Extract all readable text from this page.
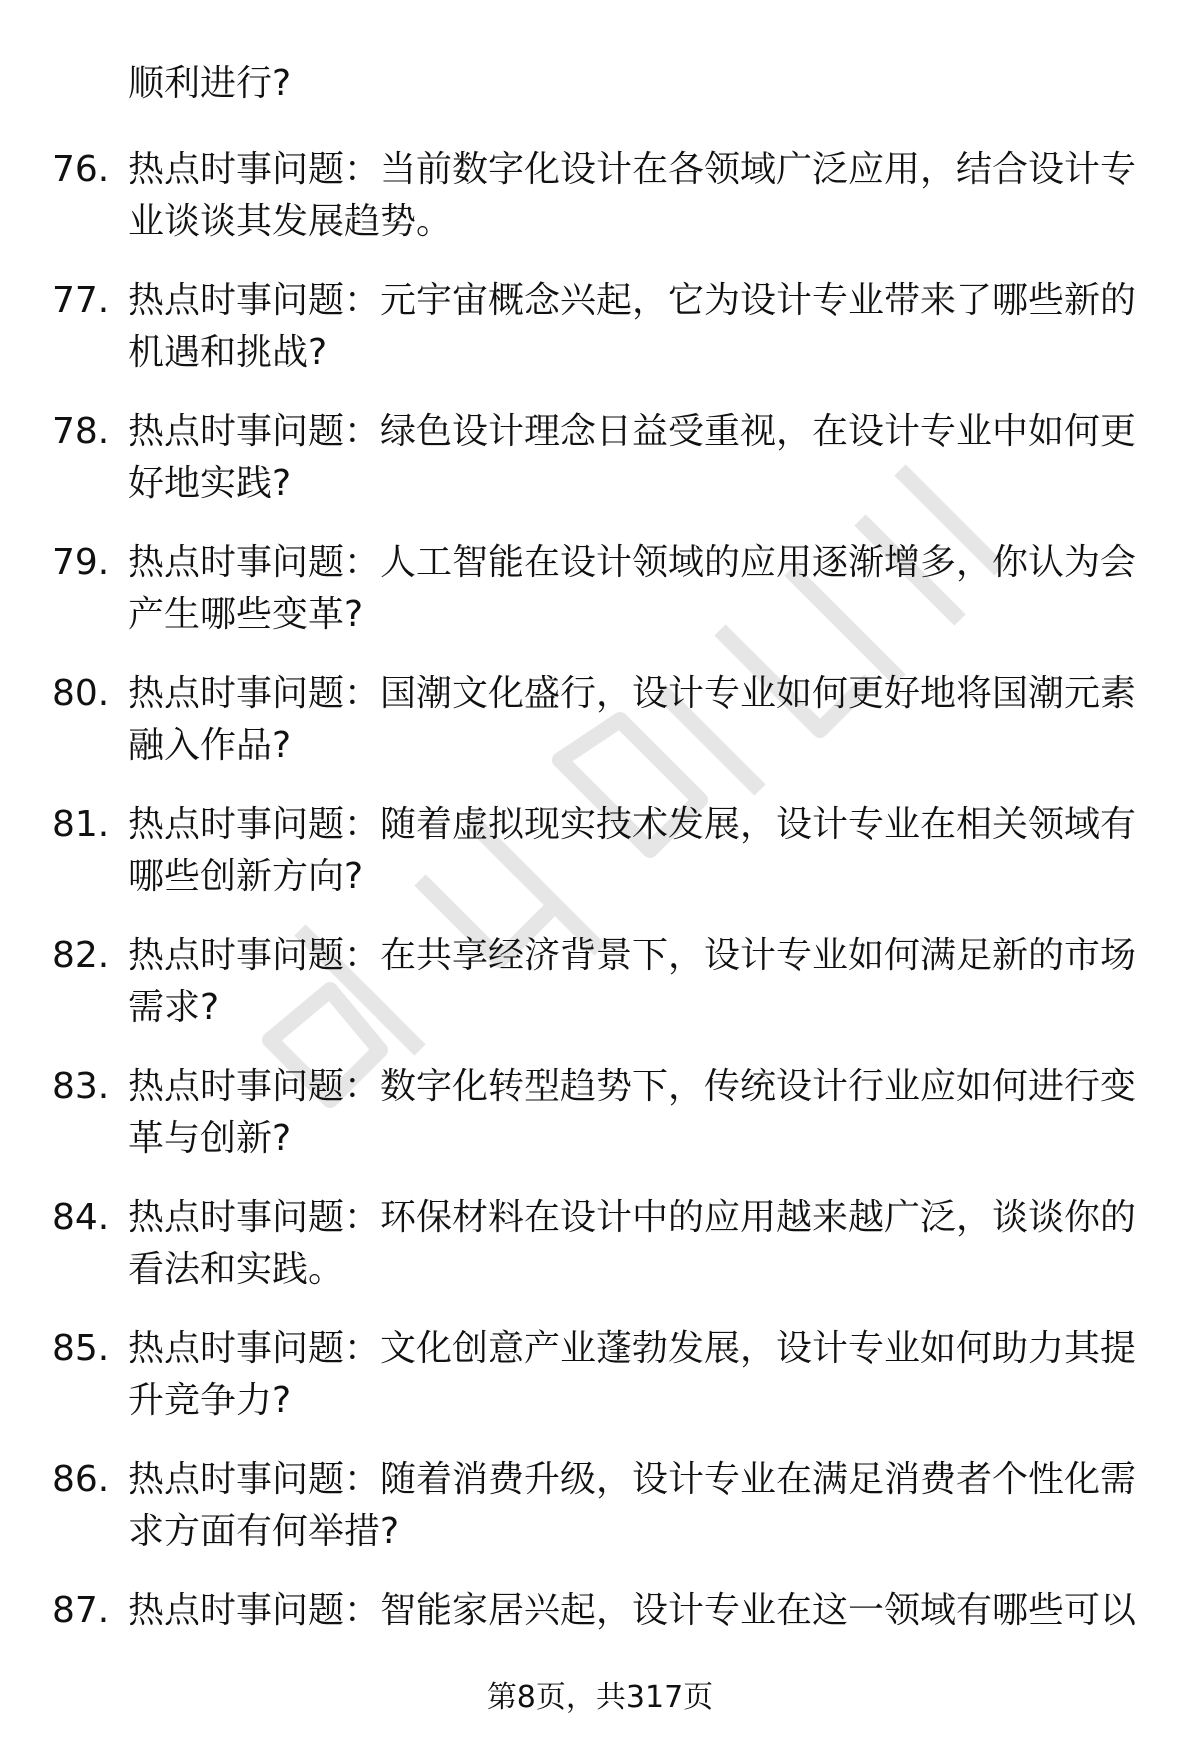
顺利进行?
76. 热点时事问题：当前数字化设计在各领域广泛应用，结合设计专业谈谈其发展趋势。
77. 热点时事问题：元宇宙概念兴起，它为设计专业带来了哪些新的机遇和挑战?
78. 热点时事问题：绿色设计理念日益受重视，在设计专业中如何更好地实践?
79. 热点时事问题：人工智能在设计领域的应用逐渐增多，你认为会产生哪些变革?
80. 热点时事问题：国潮文化盛行，设计专业如何更好地将国潮元素融入作品?
81. 热点时事问题：随着虚拟现实技术发展，设计专业在相关领域有哪些创新方向?
82. 热点时事问题：在共享经济背景下，设计专业如何满足新的市场需求?
83. 热点时事问题：数字化转型趋势下，传统设计行业应如何进行变革与创新?
84. 热点时事问题：环保材料在设计中的应用越来越广泛，谈谈你的看法和实践。
85. 热点时事问题：文化创意产业蓬勃发展，设计专业如何助力其提升竞争力?
86. 热点时事问题：随着消费升级，设计专业在满足消费者个性化需求方面有何举措?
87. 热点时事问题：智能家居兴起，设计专业在这一领域有哪些可以
第8页，共317页
